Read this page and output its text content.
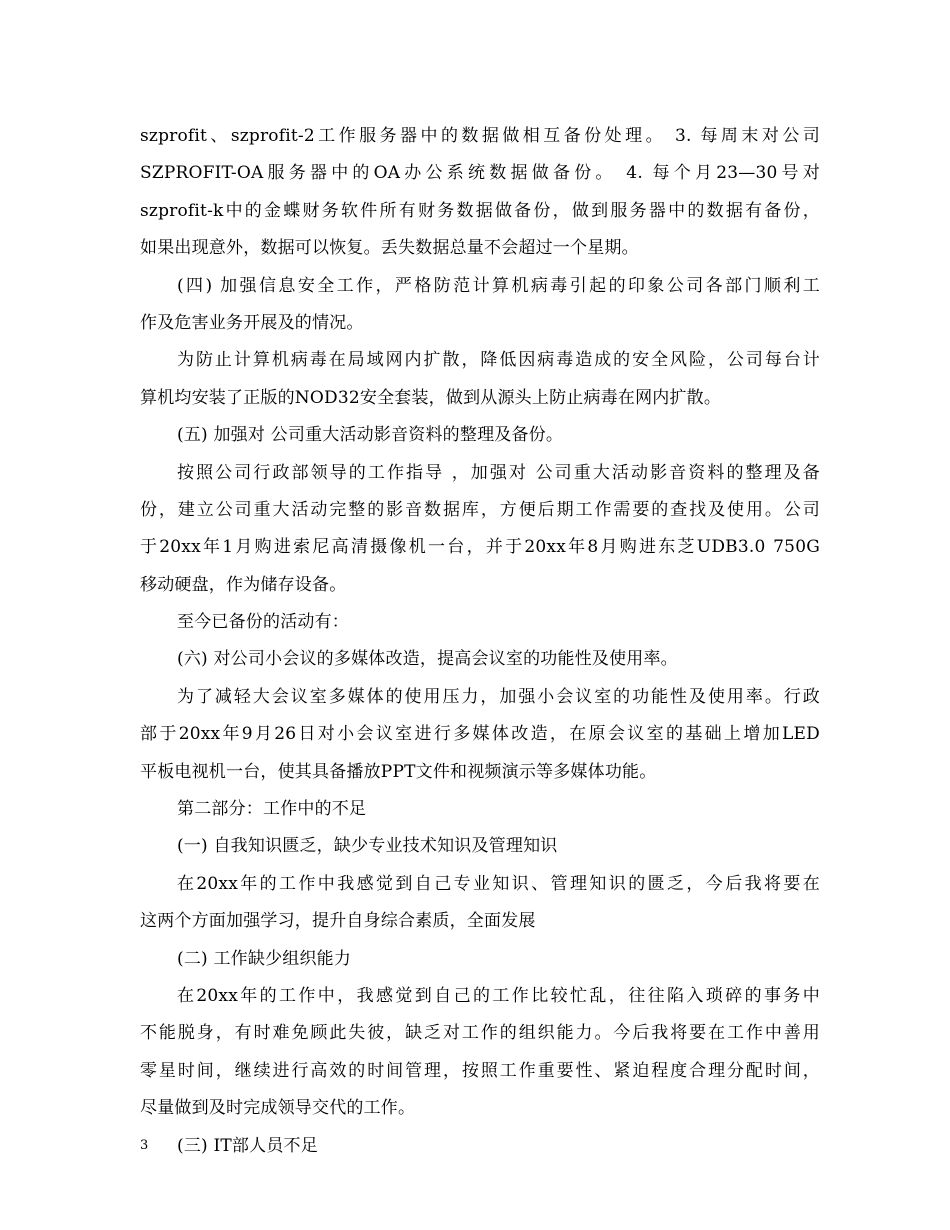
szprofit、szprofit-2工作服务器中的数据做相互备份处理。 3. 每周末对公司
SZPROFIT-OA服务器中的OA办公系统数据做备份。 4. 每个月23—30号对
szprofit-k中的金蝶财务软件所有财务数据做备份，做到服务器中的数据有备份，
如果出现意外，数据可以恢复。丢失数据总量不会超过一个星期。
(四) 加强信息安全工作，严格防范计算机病毒引起的印象公司各部门顺利工
作及危害业务开展及的情况。
为防止计算机病毒在局域网内扩散，降低因病毒造成的安全风险，公司每台计
算机均安装了正版的NOD32安全套装，做到从源头上防止病毒在网内扩散。
(五) 加强对 公司重大活动影音资料的整理及备份。
按照公司行政部领导的工作指导 ，加强对 公司重大活动影音资料的整理及备
份，建立公司重大活动完整的影音数据库，方便后期工作需要的查找及使用。公司
于20xx年1月购进索尼高清摄像机一台，并于20xx年8月购进东芝UDB3.0 750G
移动硬盘，作为储存设备。
至今已备份的活动有：
(六) 对公司小会议的多媒体改造，提高会议室的功能性及使用率。
为了减轻大会议室多媒体的使用压力，加强小会议室的功能性及使用率。行政
部于20xx年9月26日对小会议室进行多媒体改造，在原会议室的基础上增加LED
平板电视机一台，使其具备播放PPT文件和视频演示等多媒体功能。
第二部分：工作中的不足
(一) 自我知识匮乏，缺少专业技术知识及管理知识
在20xx年的工作中我感觉到自己专业知识、管理知识的匮乏，今后我将要在
这两个方面加强学习，提升自身综合素质，全面发展
(二) 工作缺少组织能力
在20xx年的工作中，我感觉到自己的工作比较忙乱，往往陷入琐碎的事务中
不能脱身，有时难免顾此失彼，缺乏对工作的组织能力。今后我将要在工作中善用
零星时间，继续进行高效的时间管理，按照工作重要性、紧迫程度合理分配时间，
尽量做到及时完成领导交代的工作。
(三) IT部人员不足
3
